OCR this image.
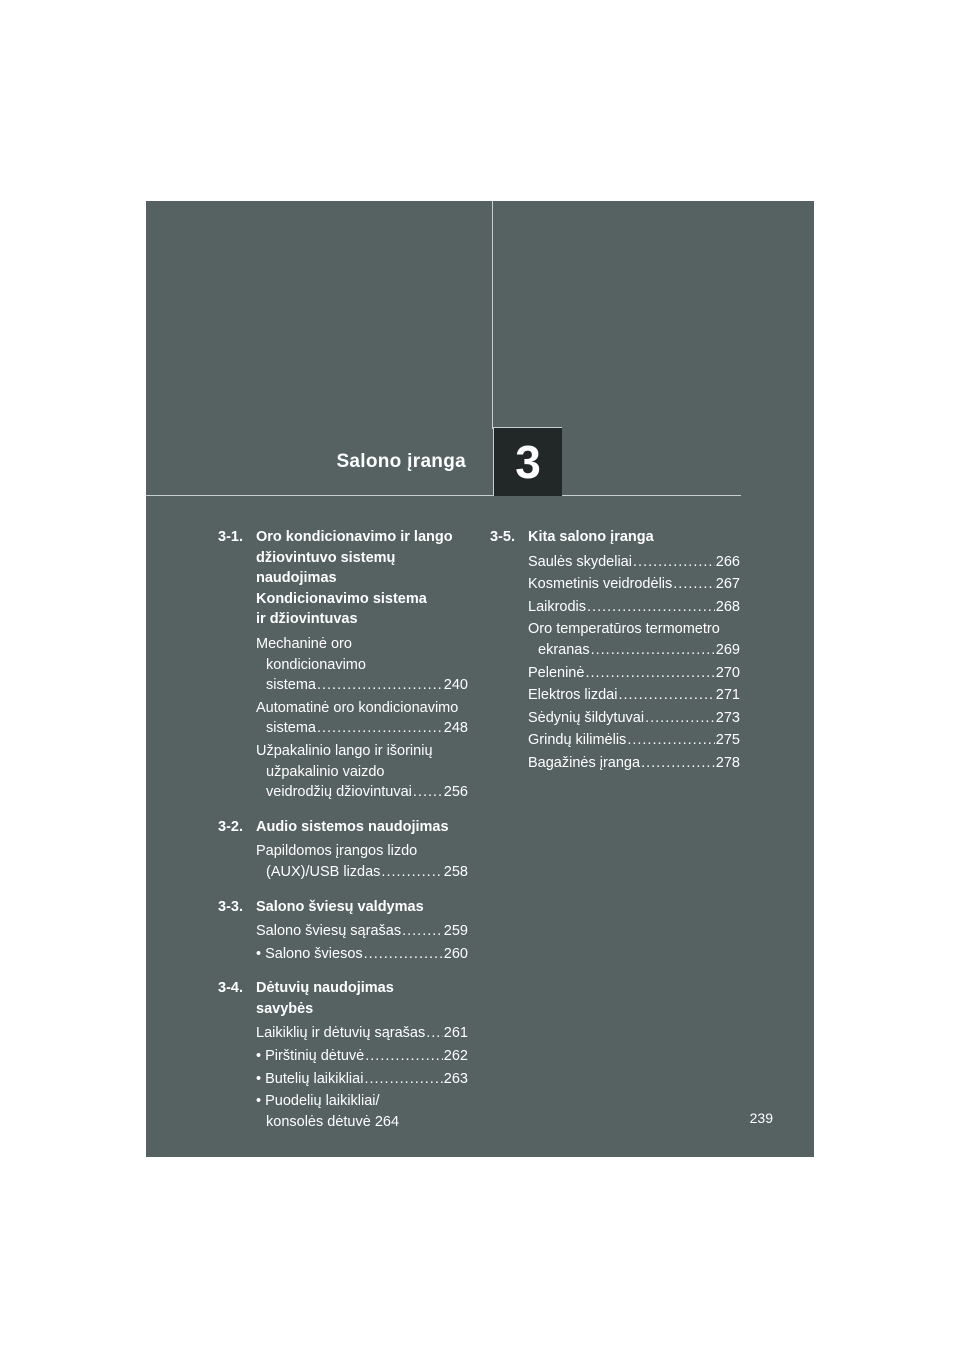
Salono įranga 3
3-1. Oro kondicionavimo ir lango
džiovintuvo sistemų
naudojimas
Kondicionavimo sistema
ir džiovintuvas
Mechaninė oro
kondicionavimo
sistema .....	240
Automatinė oro kondicionavimo
sistema .....	248
Užpakalinio lango ir išorinių
užpakalinio vaizdo
veidrodžių džiovintuvai ..... 256
3-2. Audio sistemos naudojimas
Papildomos įrangos lizdo
(AUX)/USB lizdas .....	258
3-3. Salono šviesų valdymas
Salono šviesų sąrašas .....	259
• Salono šviesos .....	260
3-4. Dėtuvių naudojimas
savybės
Laikiklių ir dėtuvių sąrašas ..... 261
• Pirštinių dėtuvė .....	262
• Butelių laikikliai .....	263
• Puodelių laikikliai/
konsolės dėtuvė 264
3-5. Kita salono įranga
Saulės skydeliai .....	266
Kosmetinis veidrodėlis .....	267
Laikrodis .....	268
Oro temperatūros termometro
ekranas .....	269
Peleninė .....	270
Elektros lizdai .....	271
Sėdynių šildytuvai .....	273
Grindų kilimėlis .....	275
Bagažinės įranga .....	278
239
